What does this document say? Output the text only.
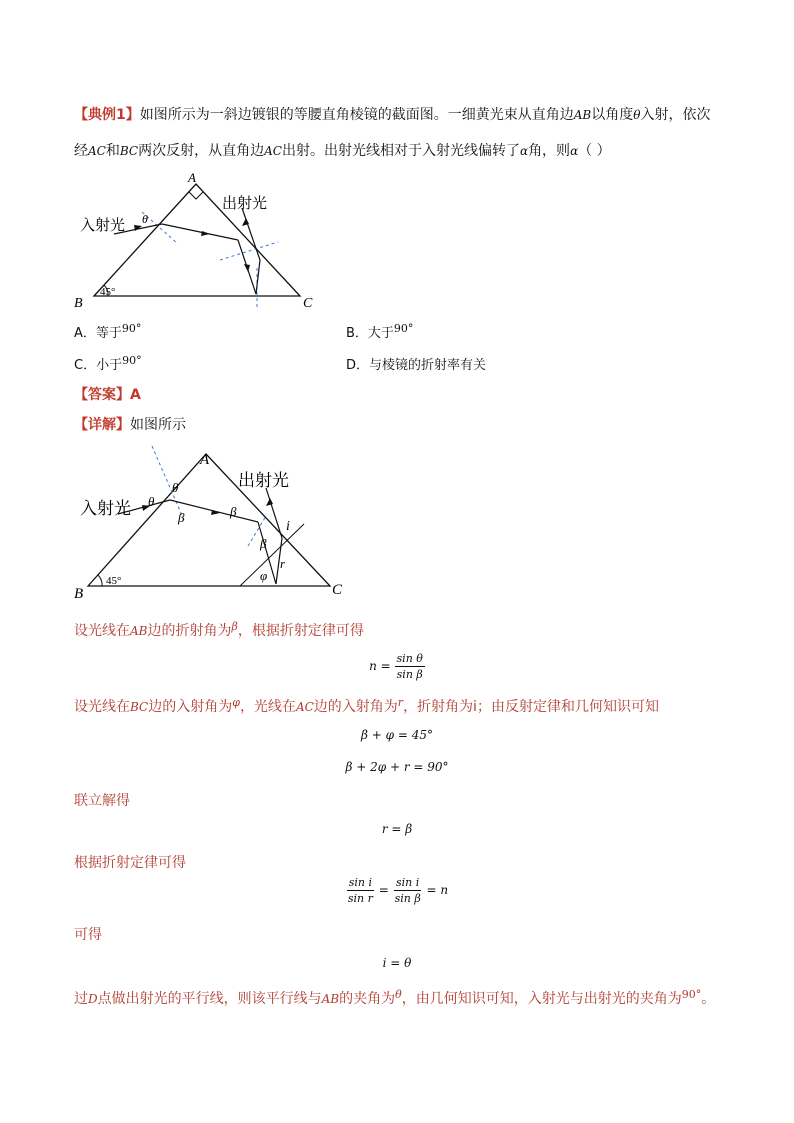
【典例1】如图所示为一斜边镀银的等腰直角棱镜的截面图。一细黄光束从直角边AB以角度θ入射，依次
经AC和BC两次反射，从直角边AC出射。出射光线相对于入射光线偏转了α角，则α（ ）
A
B	C
45°
入射光
出射光
θ
A．等于$^{90^\circ}$	B．大于$^{90^\circ}$
C．小于$^{90^\circ}$	D．与棱镜的折射率有关
【答案】A
【详解】如图所示
A
B	C
45°
入射光
出射光
θ
θ
β	β
β
i
r
φ
设光线在AB边的折射角为$^\beta$，根据折射定律可得
$n = \frac{\text{sin θ}}{\text{sin β}}$
设光线在BC边的入射角为$^\varphi$，光线在AC边的入射角为$^r$，折射角为i；由反射定律和几何知识可知
β + φ = 45°
β + 2φ + r = 90°
联立解得
r = β
根据折射定律可得
$\frac{\text{sin i}}{\text{sin r}} = \frac{\text{sin i}}{\text{sin β}} = n$
可得
i = θ
过D点做出射光的平行线，则该平行线与AB的夹角为$^\theta$，由几何知识可知，入射光与出射光的夹角为$^{90^\circ}$。
